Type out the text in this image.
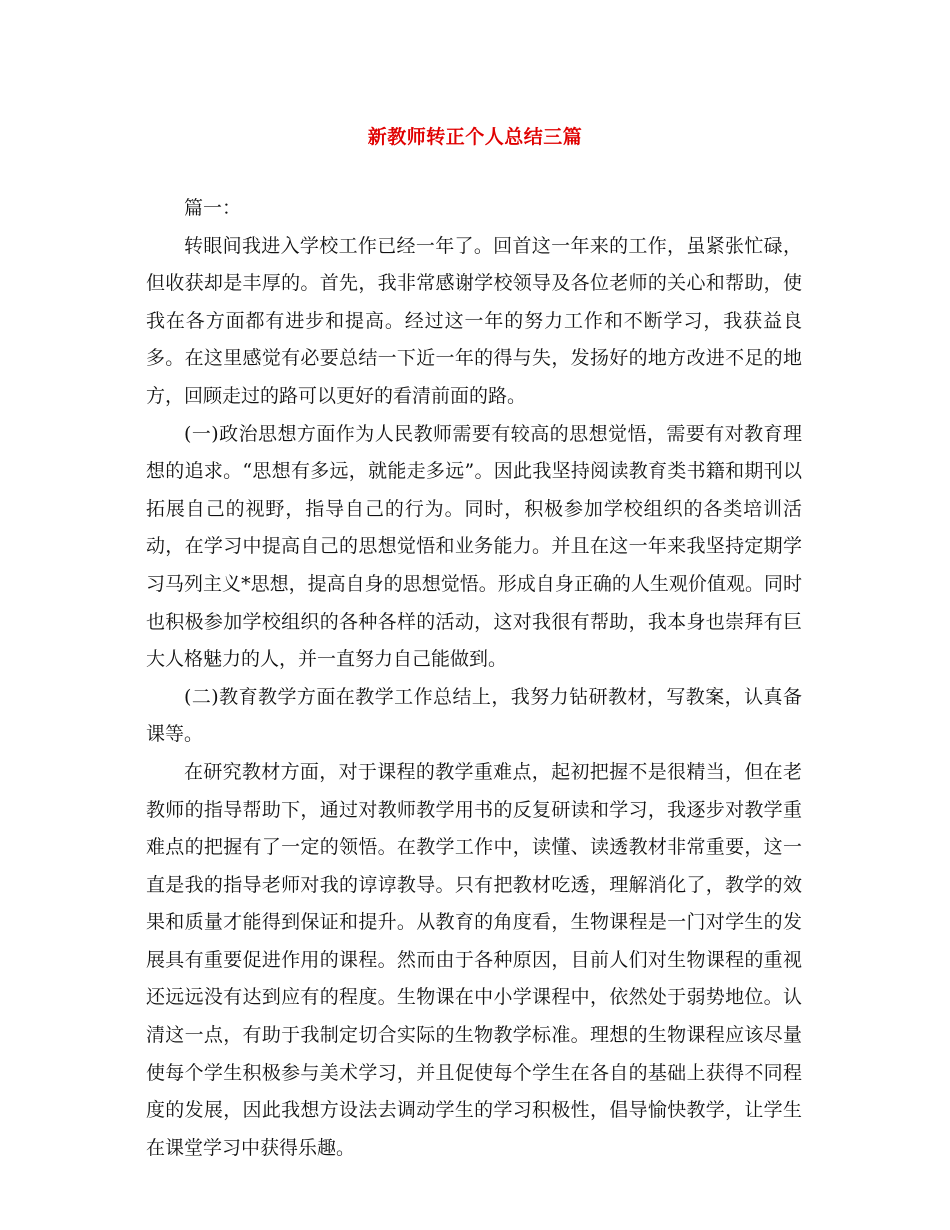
新教师转正个人总结三篇

篇一：

转眼间我进入学校工作已经一年了。回首这一年来的工作，虽紧张忙碌，但收获却是丰厚的。首先，我非常感谢学校领导及各位老师的关心和帮助，使我在各方面都有进步和提高。经过这一年的努力工作和不断学习，我获益良多。在这里感觉有必要总结一下近一年的得与失，发扬好的地方改进不足的地方，回顾走过的路可以更好的看清前面的路。

(一)政治思想方面作为人民教师需要有较高的思想觉悟，需要有对教育理想的追求。“思想有多远，就能走多远”。因此我坚持阅读教育类书籍和期刊以拓展自己的视野，指导自己的行为。同时，积极参加学校组织的各类培训活动，在学习中提高自己的思想觉悟和业务能力。并且在这一年来我坚持定期学习马列主义*思想，提高自身的思想觉悟。形成自身正确的人生观价值观。同时也积极参加学校组织的各种各样的活动，这对我很有帮助，我本身也崇拜有巨大人格魅力的人，并一直努力自己能做到。

(二)教育教学方面在教学工作总结上，我努力钻研教材，写教案，认真备课等。

在研究教材方面，对于课程的教学重难点，起初把握不是很精当，但在老教师的指导帮助下，通过对教师教学用书的反复研读和学习，我逐步对教学重难点的把握有了一定的领悟。在教学工作中，读懂、读透教材非常重要，这一直是我的指导老师对我的谆谆教导。只有把教材吃透，理解消化了，教学的效果和质量才能得到保证和提升。从教育的角度看，生物课程是一门对学生的发展具有重要促进作用的课程。然而由于各种原因，目前人们对生物课程的重视还远远没有达到应有的程度。生物课在中小学课程中，依然处于弱势地位。认清这一点，有助于我制定切合实际的生物教学标准。理想的生物课程应该尽量使每个学生积极参与美术学习，并且促使每个学生在各自的基础上获得不同程度的发展，因此我想方设法去调动学生的学习积极性，倡导愉快教学，让学生在课堂学习中获得乐趣。
